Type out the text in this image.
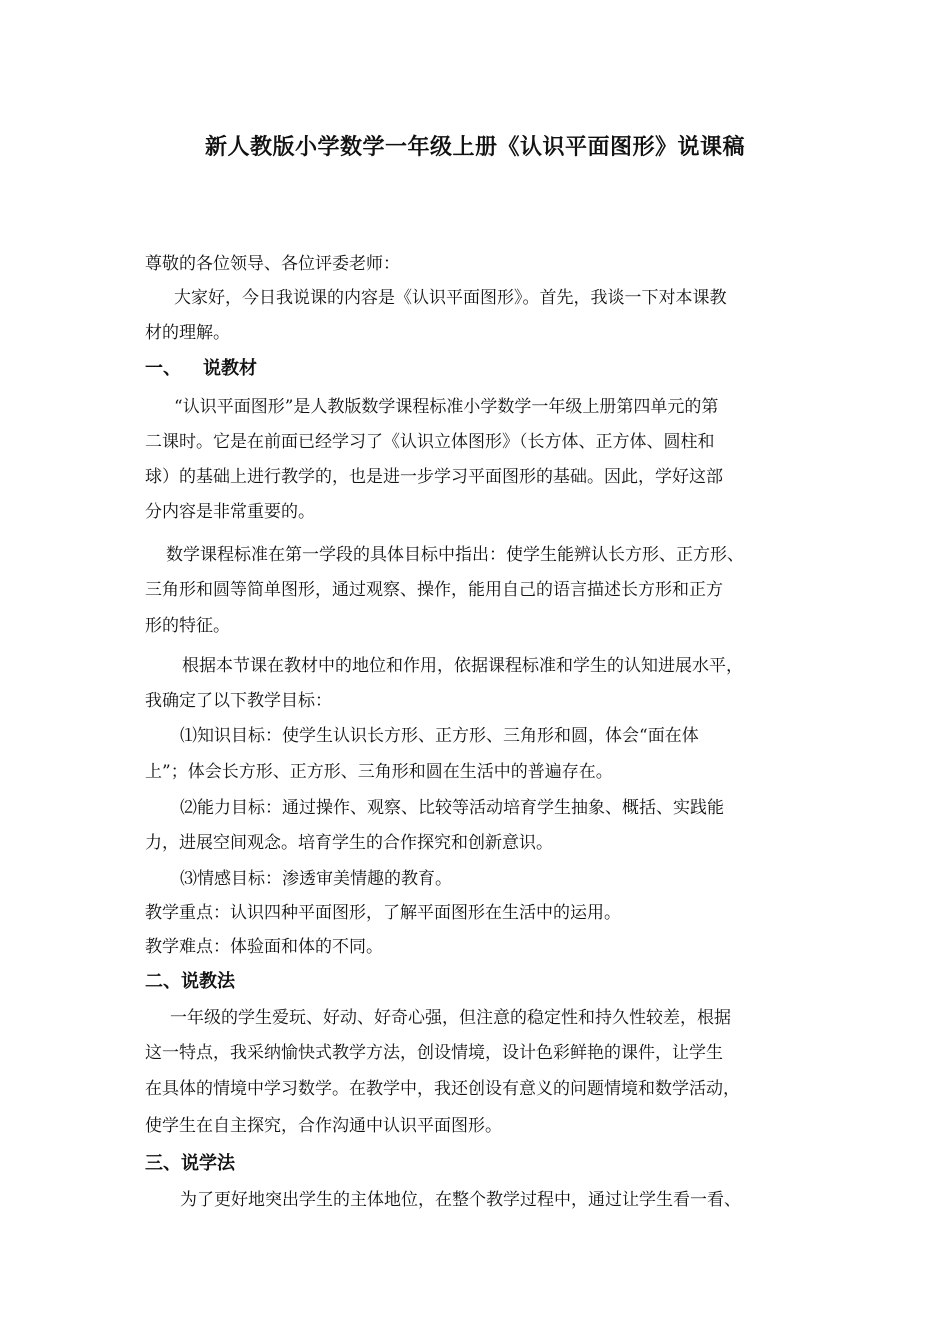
新人教版小学数学一年级上册《认识平面图形》说课稿
尊敬的各位领导、各位评委老师：
大家好，今日我说课的内容是《认识平面图形》。首先，我谈一下对本课教
材的理解。
一、 说教材
“认识平面图形”是人教版数学课程标准小学数学一年级上册第四单元的第
二课时。它是在前面已经学习了《认识立体图形》（长方体、正方体、圆柱和
球）的基础上进行教学的，也是进一步学习平面图形的基础。因此，学好这部
分内容是非常重要的。
数学课程标准在第一学段的具体目标中指出：使学生能辨认长方形、正方形、
三角形和圆等简单图形，通过观察、操作，能用自己的语言描述长方形和正方
形的特征。
根据本节课在教材中的地位和作用，依据课程标准和学生的认知进展水平，
我确定了以下教学目标：
⑴知识目标：使学生认识长方形、正方形、三角形和圆，体会“面在体
上”；体会长方形、正方形、三角形和圆在生活中的普遍存在。
⑵能力目标：通过操作、观察、比较等活动培育学生抽象、概括、实践能
力，进展空间观念。培育学生的合作探究和创新意识。
⑶情感目标：渗透审美情趣的教育。
教学重点：认识四种平面图形，了解平面图形在生活中的运用。
教学难点：体验面和体的不同。
二、说教法
一年级的学生爱玩、好动、好奇心强，但注意的稳定性和持久性较差，根据
这一特点，我采纳愉快式教学方法，创设情境，设计色彩鲜艳的课件，让学生
在具体的情境中学习数学。在教学中，我还创设有意义的问题情境和数学活动，
使学生在自主探究，合作沟通中认识平面图形。
三、说学法
为了更好地突出学生的主体地位，在整个教学过程中，通过让学生看一看、
